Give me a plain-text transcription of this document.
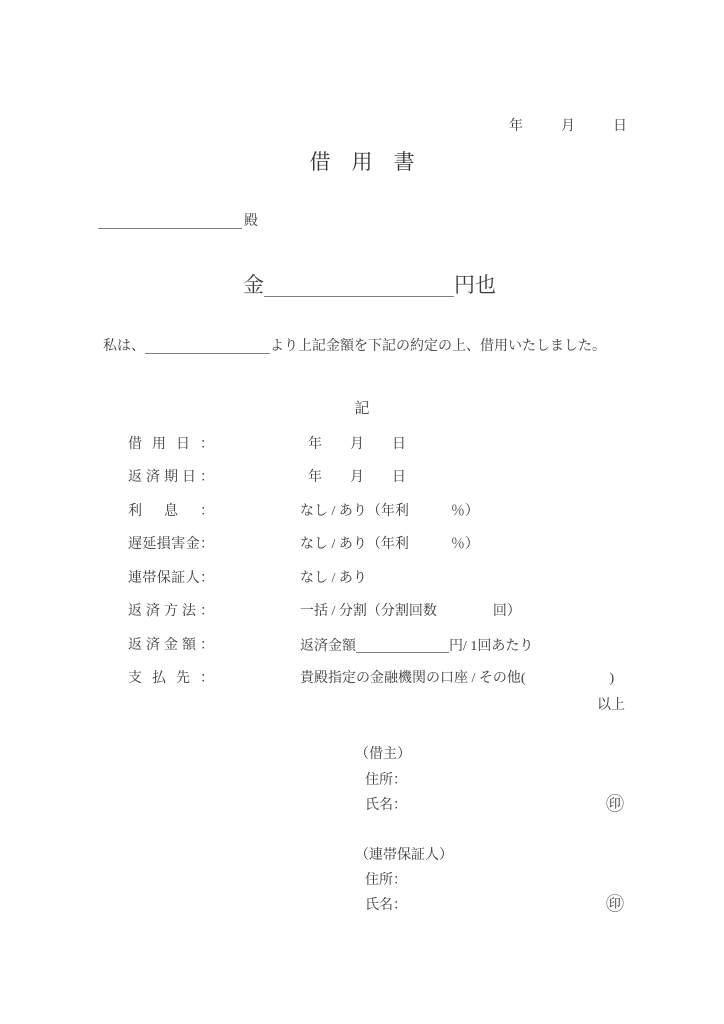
年	月	日
借　用　書
殿
金	円也
私は、	より上記金額を下記の約定の上、借用いたしました。
記
借用日：	年　　月　　日
返済期日：	年　　月　　日
利息：	なし / あり（年利　　　％）
遅延損害金：	なし / あり（年利　　　％）
連帯保証人：	なし / あり
返済方法：	一括 / 分割（分割回数　　　　回）
返済金額：	返済金額	円/ 1回あたり
支払先：	貴殿指定の金融機関の口座 / その他(　　　　　　)
以上
（借主）
住所：
氏名：	㊞
（連帯保証人）
住所：
氏名：	㊞
